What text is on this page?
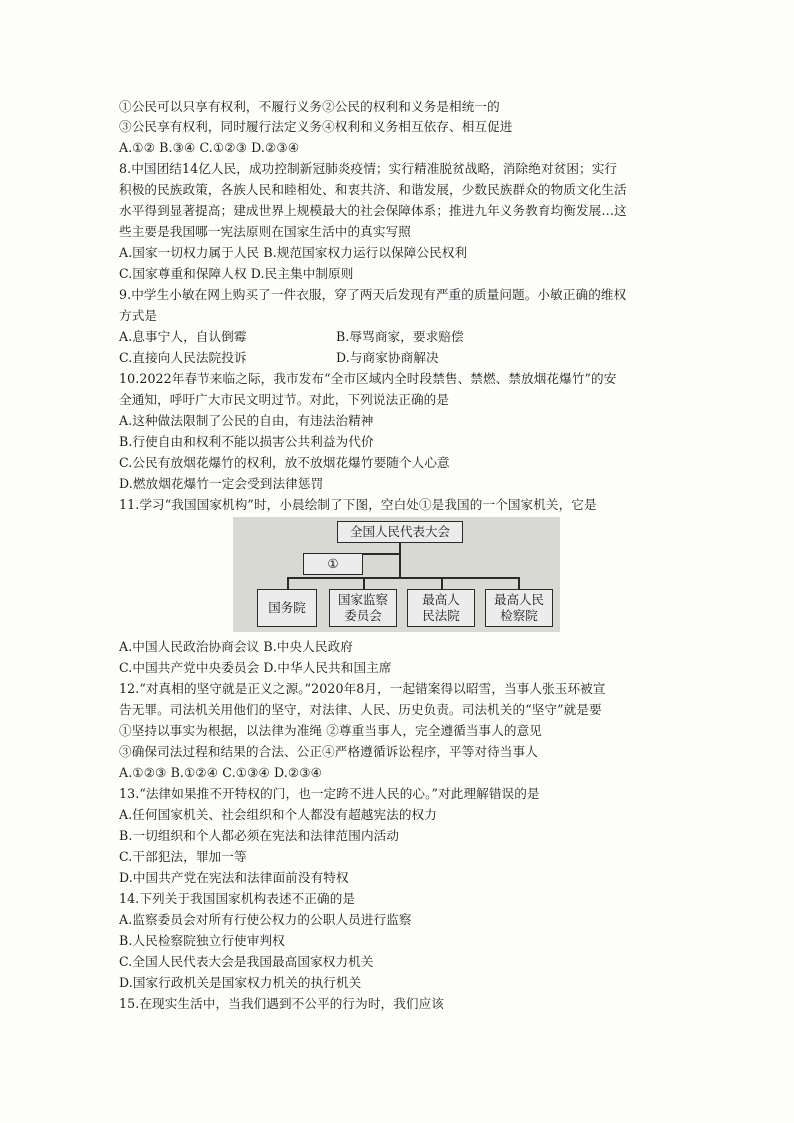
①公民可以只享有权利，不履行义务②公民的权利和义务是相统一的
③公民享有权利，同时履行法定义务④权利和义务相互依存、相互促进
A.①② B.③④ C.①②③ D.②③④
8.中国团结14亿人民，成功控制新冠肺炎疫情；实行精准脱贫战略，消除绝对贫困；实行
积极的民族政策，各族人民和睦相处、和衷共济、和谐发展，少数民族群众的物质文化生活
水平得到显著提高；建成世界上规模最大的社会保障体系；推进九年义务教育均衡发展…这
些主要是我国哪一宪法原则在国家生活中的真实写照
A.国家一切权力属于人民 B.规范国家权力运行以保障公民权利
C.国家尊重和保障人权 D.民主集中制原则
9.中学生小敏在网上购买了一件衣服，穿了两天后发现有严重的质量问题。小敏正确的维权
方式是
A.息事宁人，自认倒霉	B.辱骂商家，要求赔偿
C.直接向人民法院投诉	D.与商家协商解决
10.2022年春节来临之际，我市发布“全市区域内全时段禁售、禁燃、禁放烟花爆竹”的安
全通知，呼吁广大市民文明过节。对此，下列说法正确的是
A.这种做法限制了公民的自由，有违法治精神
B.行使自由和权利不能以损害公共利益为代价
C.公民有放烟花爆竹的权利，放不放烟花爆竹要随个人心意
D.燃放烟花爆竹一定会受到法律惩罚
11.学习“我国国家机构”时，小晨绘制了下图，空白处①是我国的一个国家机关，它是
全国人民代表大会
①
国务院
国家监察委员会
最高人民法院
最高人民检察院
A.中国人民政治协商会议 B.中央人民政府
C.中国共产党中央委员会 D.中华人民共和国主席
12.“对真相的坚守就是正义之源。”2020年8月，一起错案得以昭雪，当事人张玉环被宣
告无罪。司法机关用他们的坚守，对法律、人民、历史负责。司法机关的“坚守”就是要
①坚持以事实为根据，以法律为准绳 ②尊重当事人，完全遵循当事人的意见
③确保司法过程和结果的合法、公正④严格遵循诉讼程序，平等对待当事人
A.①②③ B.①②④ C.①③④ D.②③④
13.“法律如果推不开特权的门，也一定跨不进人民的心。”对此理解错误的是
A.任何国家机关、社会组织和个人都没有超越宪法的权力
B.一切组织和个人都必须在宪法和法律范围内活动
C.干部犯法，罪加一等
D.中国共产党在宪法和法律面前没有特权
14.下列关于我国国家机构表述不正确的是
A.监察委员会对所有行使公权力的公职人员进行监察
B.人民检察院独立行使审判权
C.全国人民代表大会是我国最高国家权力机关
D.国家行政机关是国家权力机关的执行机关
15.在现实生活中，当我们遇到不公平的行为时，我们应该
